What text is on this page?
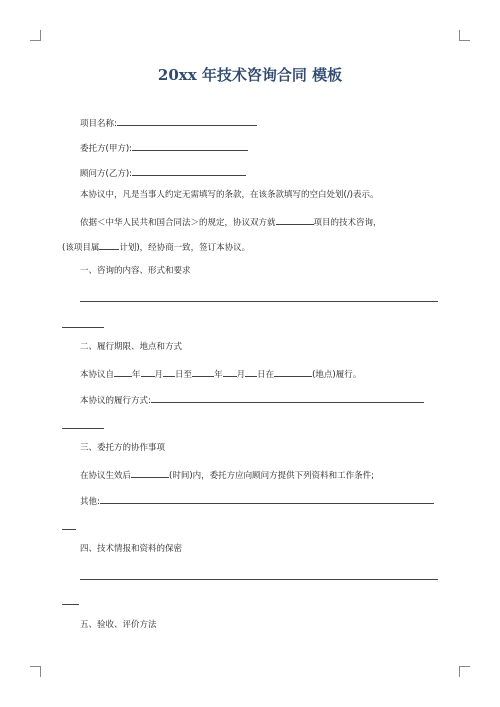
20xx 年技术咨询合同 模板
项目名称:
委托方(甲方):
顾问方(乙方):
本协议中，凡是当事人约定无需填写的条款，在该条款填写的空白处划(/)表示。
依据＜中华人民共和国合同法＞的规定，协议双方就	项目的技术咨询，
(该项目属 计划)，经协商一致，签订本协议。
一、咨询的内容、形式和要求
二、履行期限、地点和方式
本协议自 年 月 日至	年 月 日在	(地点)履行。
本协议的履行方式:
三、委托方的协作事项
在协议生效后	(时间)内，委托方应向顾问方提供下列资料和工作条件;
其他:
四、技术情报和资料的保密
五、验收、评价方法
